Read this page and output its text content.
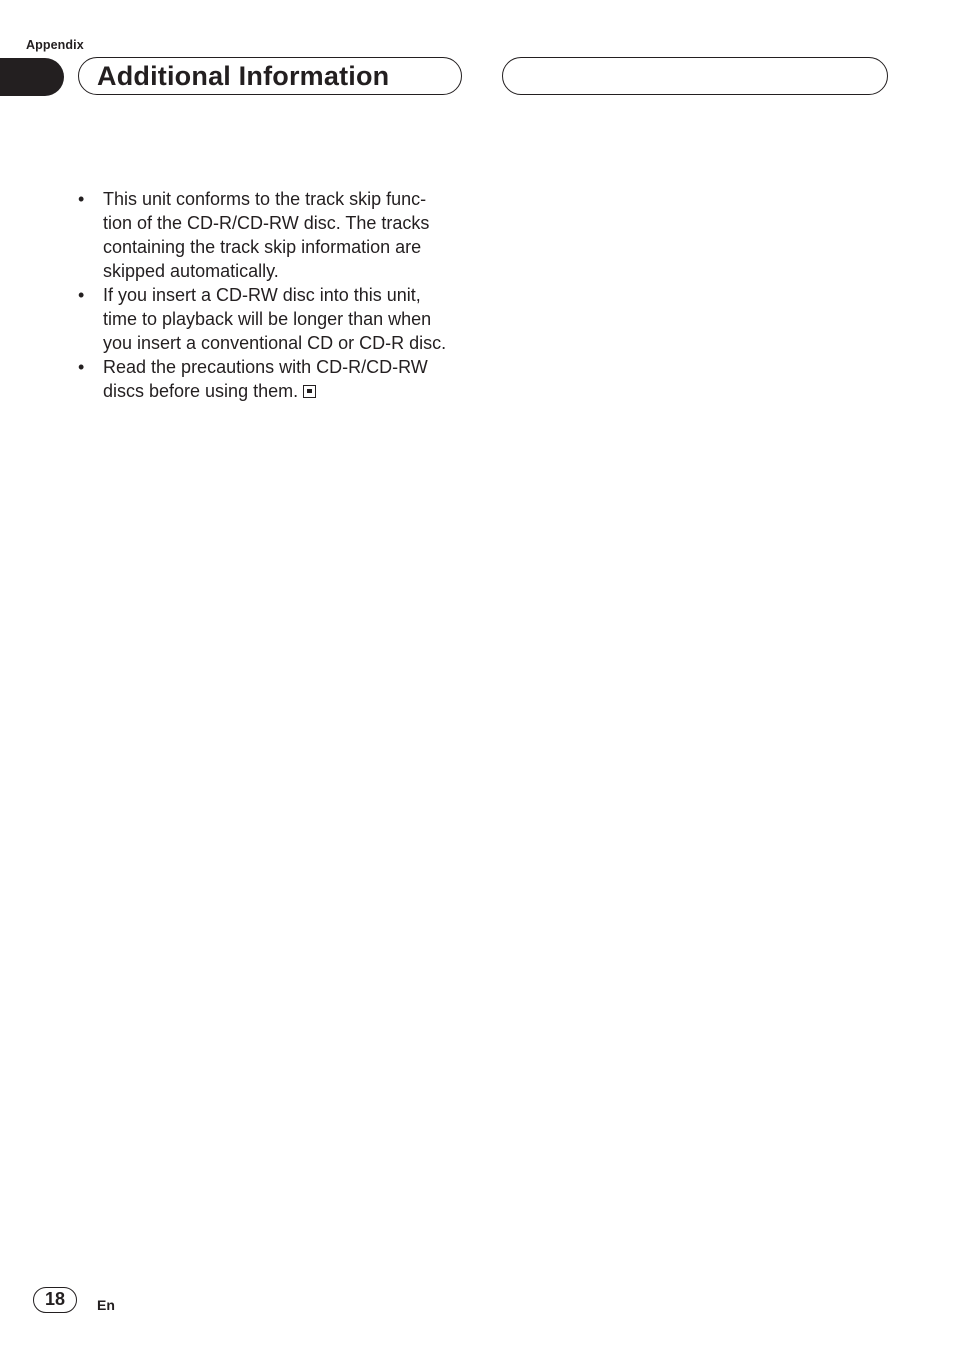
Appendix
Additional Information
•	This unit conforms to the track skip func-
tion of the CD-R/CD-RW disc. The tracks
containing the track skip information are
skipped automatically.
•	If you insert a CD-RW disc into this unit,
time to playback will be longer than when
you insert a conventional CD or CD-R disc.
•	Read the precautions with CD-R/CD-RW
discs before using them.
18	En
